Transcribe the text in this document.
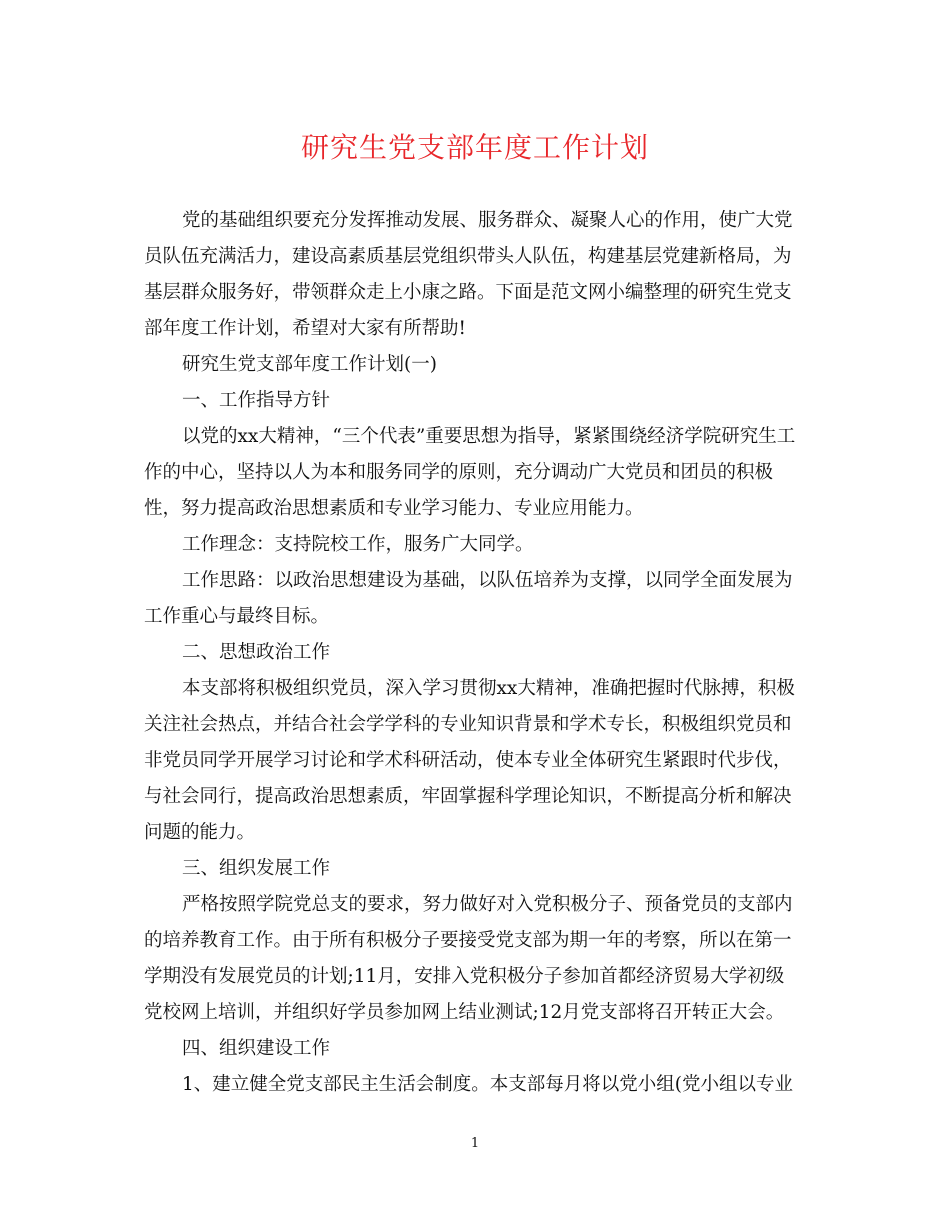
研究生党支部年度工作计划
党的基础组织要充分发挥推动发展、服务群众、凝聚人心的作用，使广大党
员队伍充满活力，建设高素质基层党组织带头人队伍，构建基层党建新格局，为
基层群众服务好，带领群众走上小康之路。下面是范文网小编整理的研究生党支
部年度工作计划，希望对大家有所帮助!
研究生党支部年度工作计划(一)
一、工作指导方针
以党的xx大精神，“三个代表”重要思想为指导，紧紧围绕经济学院研究生工
作的中心，坚持以人为本和服务同学的原则，充分调动广大党员和团员的积极
性，努力提高政治思想素质和专业学习能力、专业应用能力。
工作理念：支持院校工作，服务广大同学。
工作思路：以政治思想建设为基础，以队伍培养为支撑，以同学全面发展为
工作重心与最终目标。
二、思想政治工作
本支部将积极组织党员，深入学习贯彻xx大精神，准确把握时代脉搏，积极
关注社会热点，并结合社会学学科的专业知识背景和学术专长，积极组织党员和
非党员同学开展学习讨论和学术科研活动，使本专业全体研究生紧跟时代步伐，
与社会同行，提高政治思想素质，牢固掌握科学理论知识，不断提高分析和解决
问题的能力。
三、组织发展工作
严格按照学院党总支的要求，努力做好对入党积极分子、预备党员的支部内
的培养教育工作。由于所有积极分子要接受党支部为期一年的考察，所以在第一
学期没有发展党员的计划;11月，安排入党积极分子参加首都经济贸易大学初级
党校网上培训，并组织好学员参加网上结业测试;12月党支部将召开转正大会。
四、组织建设工作
1、建立健全党支部民主生活会制度。本支部每月将以党小组(党小组以专业
1
